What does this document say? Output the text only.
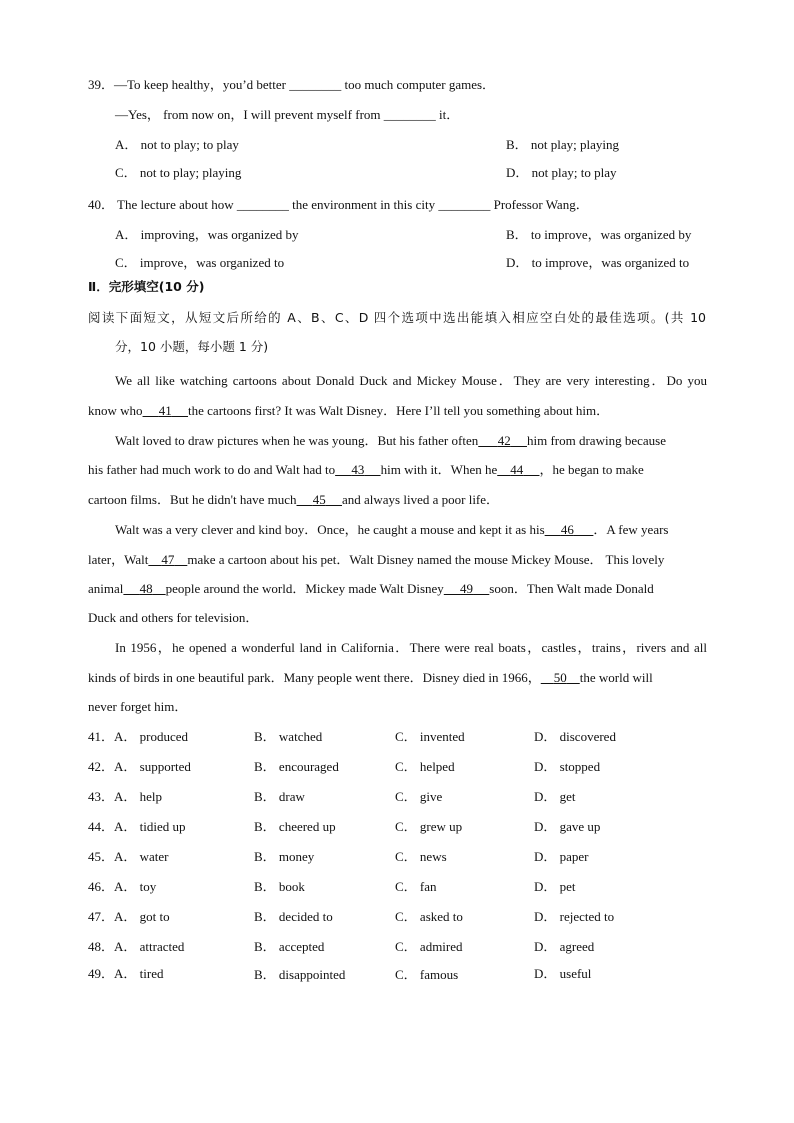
39．—To keep healthy，you’d better ________ too much computer games．
—Yes， from now on，I will prevent myself from ________ it．
A． not to play; to play	B． not play; playing
C． not to play; playing	D． not play; to play
40． The lecture about how ________ the environment in this city ________ Professor Wang．
A． improving，was organized by	B． to improve，was organized by
C． improve，was organized to	D． to improve，was organized to
Ⅱ．完形填空(10 分)
阅读下面短文，从短文后所给的 A、B、C、D 四个选项中选出能填入相应空白处的最佳选项。(共 10
分，10 小题，每小题 1 分)
We all like watching cartoons about Donald Duck and Mickey Mouse．They are very interesting．Do you
know who 41 the cartoons first? It was Walt Disney．Here I’ll tell you something about him．
Walt loved to draw pictures when he was young．But his father often 42 him from drawing because
his father had much work to do and Walt had to 43 him with it．When he 44 ，he began to make
cartoon films．But he didn't have much 45 and always lived a poor life．
Walt was a very clever and kind boy．Once，he caught a mouse and kept it as his 46 ．A few years
later，Walt 47 make a cartoon about his pet．Walt Disney named the mouse Mickey Mouse． This lovely
animal 48 people around the world．Mickey made Walt Disney 49 soon．Then Walt made Donald
Duck and others for television．
In 1956，he opened a wonderful land in California．There were real boats，castles，trains，rivers and all
kinds of birds in one beautiful park．Many people went there．Disney died in 1966， 50 the world will
never forget him．
41．A． produced	B． watched	C． invented	D． discovered
42．A． supported	B． encouraged	C． helped	D． stopped
43．A． help	B． draw	C． give	D． get
44．A． tidied up	B． cheered up	C． grew up	D． gave up
45．A． water	B． money	C． news	D． paper
46．A． toy	B． book	C． fan	D． pet
47．A． got to	B． decided to	C． asked to	D． rejected to
48．A． attracted	B． accepted	C． admired	D． agreed
49．A． tired	B． disappointed	C． famous	D． useful
